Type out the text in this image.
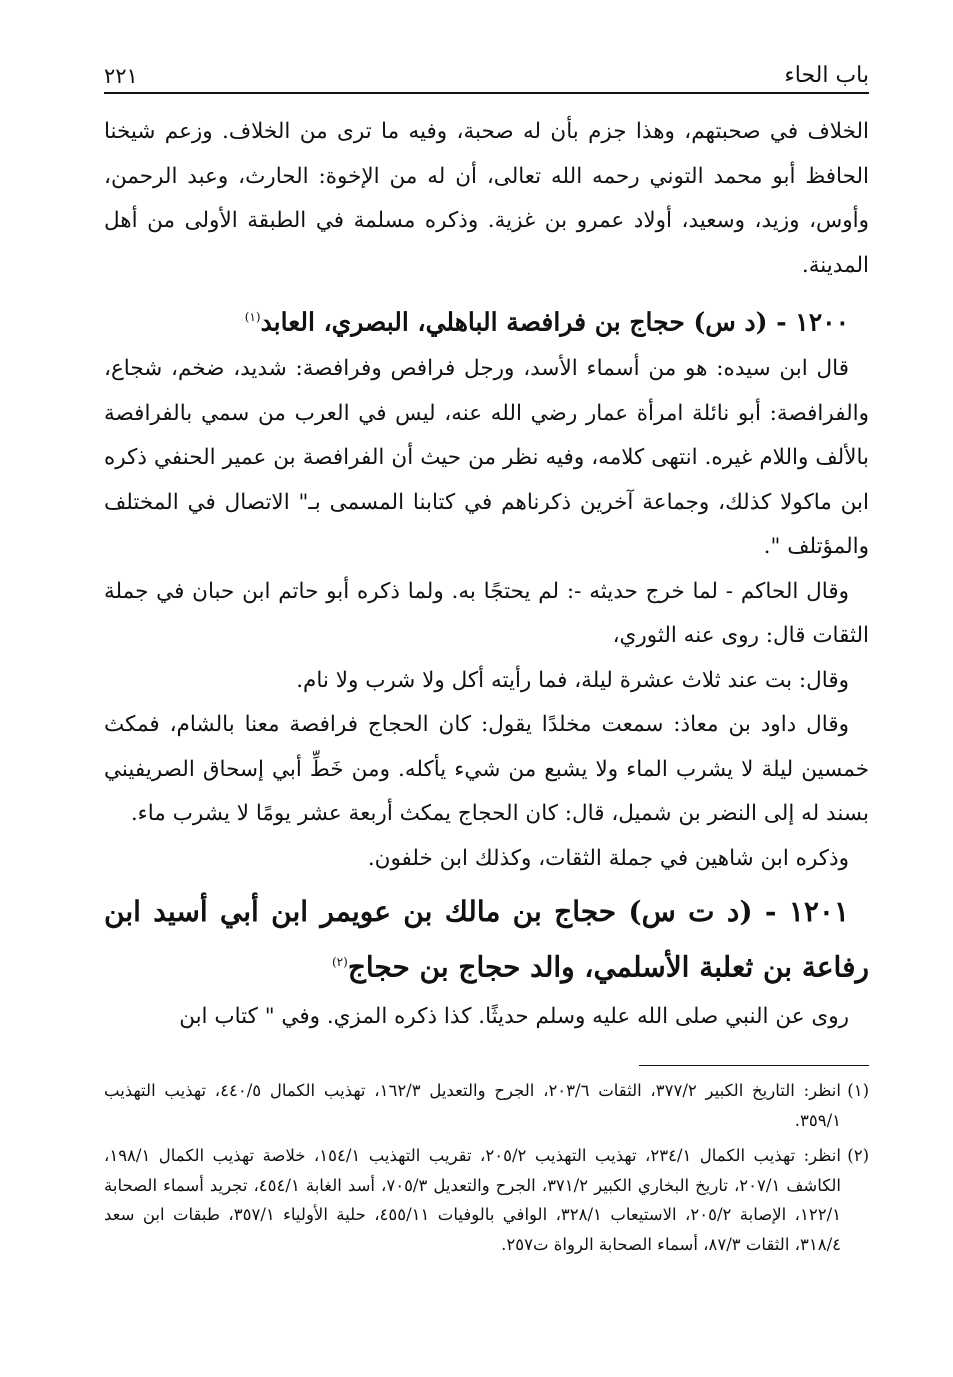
باب الحاء
٢٢١

الخلاف في صحبتهم، وهذا جزم بأن له صحبة، وفيه ما ترى من الخلاف. وزعم شيخنا الحافظ أبو محمد التوني رحمه الله تعالى، أن له من الإخوة: الحارث، وعبد الرحمن، وأوس، وزيد، وسعيد، أولاد عمرو بن غزية. وذكره مسلمة في الطبقة الأولى من أهل المدينة.

١٢٠٠ - (د س) حجاج بن فرافصة الباهلي، البصري، العابد$^{(١)}$

قال ابن سيده: هو من أسماء الأسد، ورجل فرافص وفرافصة: شديد، ضخم، شجاع، والفرافصة: أبو نائلة امرأة عمار رضي الله عنه، ليس في العرب من سمي بالفرافصة بالألف واللام غيره. انتهى كلامه، وفيه نظر من حيث أن الفرافصة بن عمير الحنفي ذكره ابن ماكولا كذلك، وجماعة آخرين ذكرناهم في كتابنا المسمى بـ" الاتصال في المختلف والمؤتلف ".

وقال الحاكم - لما خرج حديثه -: لم يحتجًا به. ولما ذكره أبو حاتم ابن حبان في جملة الثقات قال: روى عنه الثوري،

وقال: بت عند ثلاث عشرة ليلة، فما رأيته أكل ولا شرب ولا نام.

وقال داود بن معاذ: سمعت مخلدًا يقول: كان الحجاج فرافصة معنا بالشام، فمكث خمسين ليلة لا يشرب الماء ولا يشبع من شيء يأكله. ومن خَطِّ أبي إسحاق الصريفيني بسند له إلى النضر بن شميل، قال: كان الحجاج يمكث أربعة عشر يومًا لا يشرب ماء.

وذكره ابن شاهين في جملة الثقات، وكذلك ابن خلفون.

١٢٠١ - (د ت س) حجاج بن مالك بن عويمر ابن أبي أسيد ابن رفاعة بن ثعلبة الأسلمي، والد حجاج بن حجاج$^{(٢)}$

روى عن النبي صلى الله عليه وسلم حديثًا. كذا ذكره المزي. وفي " كتاب ابن

(١)
انظر: التاريخ الكبير ٣٧٧/٢، الثقات ٢٠٣/٦، الجرح والتعديل ١٦٢/٣، تهذيب الكمال ٤٤٠/٥، تهذيب التهذيب ٣٥٩/١.

(٢)
انظر: تهذيب الكمال ٢٣٤/١، تهذيب التهذيب ٢٠٥/٢، تقريب التهذيب ١٥٤/١، خلاصة تهذيب الكمال ١٩٨/١، الكاشف ٢٠٧/١، تاريخ البخاري الكبير ٣٧١/٢، الجرح والتعديل ٧٠٥/٣، أسد الغابة ٤٥٤/١، تجريد أسماء الصحابة ١٢٢/١، الإصابة ٢٠٥/٢، الاستيعاب ٣٢٨/١، الوافي بالوفيات ٤٥٥/١١، حلية الأولياء ٣٥٧/١، طبقات ابن سعد ٣١٨/٤، الثقات ٨٧/٣، أسماء الصحابة الرواة ت٢٥٧.
